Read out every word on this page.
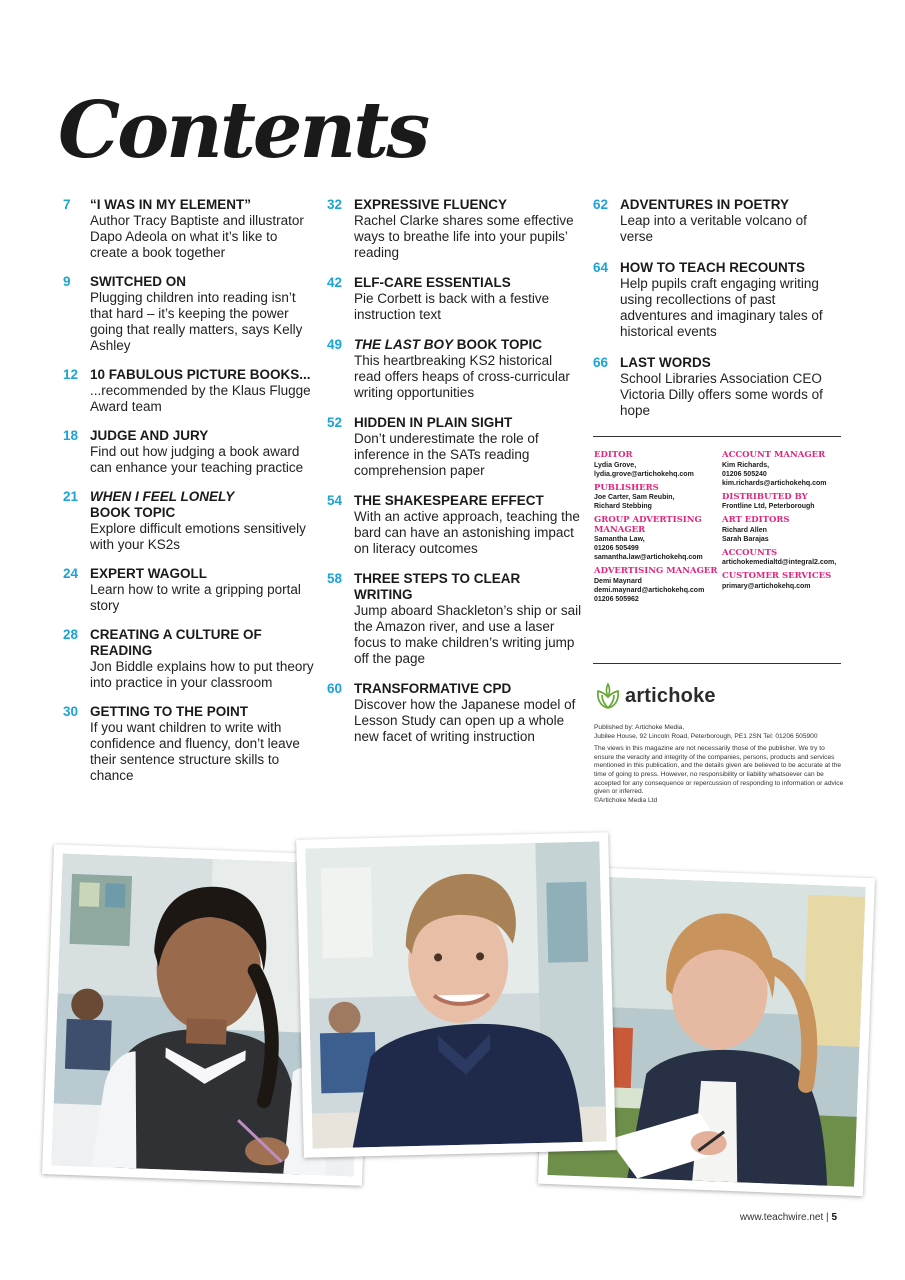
Contents
7	“I WAS IN MY ELEMENT”
Author Tracy Baptiste and illustrator Dapo Adeola on what it’s like to create a book together
9	SWITCHED ON
Plugging children into reading isn’t that hard – it’s keeping the power going that really matters, says Kelly Ashley
12 10 FABULOUS PICTURE BOOKS...
...recommended by the Klaus Flugge Award team
18 JUDGE AND JURY
Find out how judging a book award can enhance your teaching practice
21 WHEN I FEEL LONELY
BOOK TOPIC
Explore difficult emotions sensitively with your KS2s
24 EXPERT WAGOLL
Learn how to write a gripping portal story
28 CREATING A CULTURE OF READING
Jon Biddle explains how to put theory into practice in your classroom
30 GETTING TO THE POINT
If you want children to write with confidence and fluency, don’t leave their sentence structure skills to chance
32 EXPRESSIVE FLUENCY
Rachel Clarke shares some effective ways to breathe life into your pupils’ reading
42 ELF-CARE ESSENTIALS
Pie Corbett is back with a festive instruction text
49 THE LAST BOY BOOK TOPIC
This heartbreaking KS2 historical read offers heaps of cross-curricular writing opportunities
52 HIDDEN IN PLAIN SIGHT
Don’t underestimate the role of inference in the SATs reading comprehension paper
54 THE SHAKESPEARE EFFECT
With an active approach, teaching the bard can have an astonishing impact on literacy outcomes
58 THREE STEPS TO CLEAR WRITING
Jump aboard Shackleton’s ship or sail the Amazon river, and use a laser focus to make children’s writing jump off the page
60 TRANSFORMATIVE CPD
Discover how the Japanese model of Lesson Study can open up a whole new facet of writing instruction
62 ADVENTURES IN POETRY
Leap into a veritable volcano of verse
64 HOW TO TEACH RECOUNTS
Help pupils craft engaging writing using recollections of past adventures and imaginary tales of historical events
66 LAST WORDS
School Libraries Association CEO Victoria Dilly offers some words of hope
EDITOR
Lydia Grove,
lydia.grove@artichokehq.com
PUBLISHERS
Joe Carter, Sam Reubin,
Richard Stebbing
GROUP ADVERTISING MANAGER
Samantha Law,
01206 505499
samantha.law@artichokehq.com
ADVERTISING MANAGER
Demi Maynard
demi.maynard@artichokehq.com
01206 505962
ACCOUNT MANAGER
Kim Richards,
01206 505240
kim.richards@artichokehq.com
DISTRIBUTED BY
Frontline Ltd, Peterborough
ART EDITORS
Richard Allen
Sarah Barajas
ACCOUNTS
artichokemedialtd@integral2.com,
CUSTOMER SERVICES
primary@artichokehq.com
artichoke

Published by: Artichoke Media,
Jubilee House, 92 Lincoln Road, Peterborough, PE1 2SN Tel: 01206 505900

The views in this magazine are not necessarily those of the publisher. We try to ensure the veracity and integrity of the companies, persons, products and services mentioned in this publication, and the details given are believed to be accurate at the time of going to press. However, no responsibility or liability whatsoever can be accepted for any consequence or repercussion of responding to information or advice given or inferred.
©Artichoke Media Ltd

www.teachwire.net | 5
